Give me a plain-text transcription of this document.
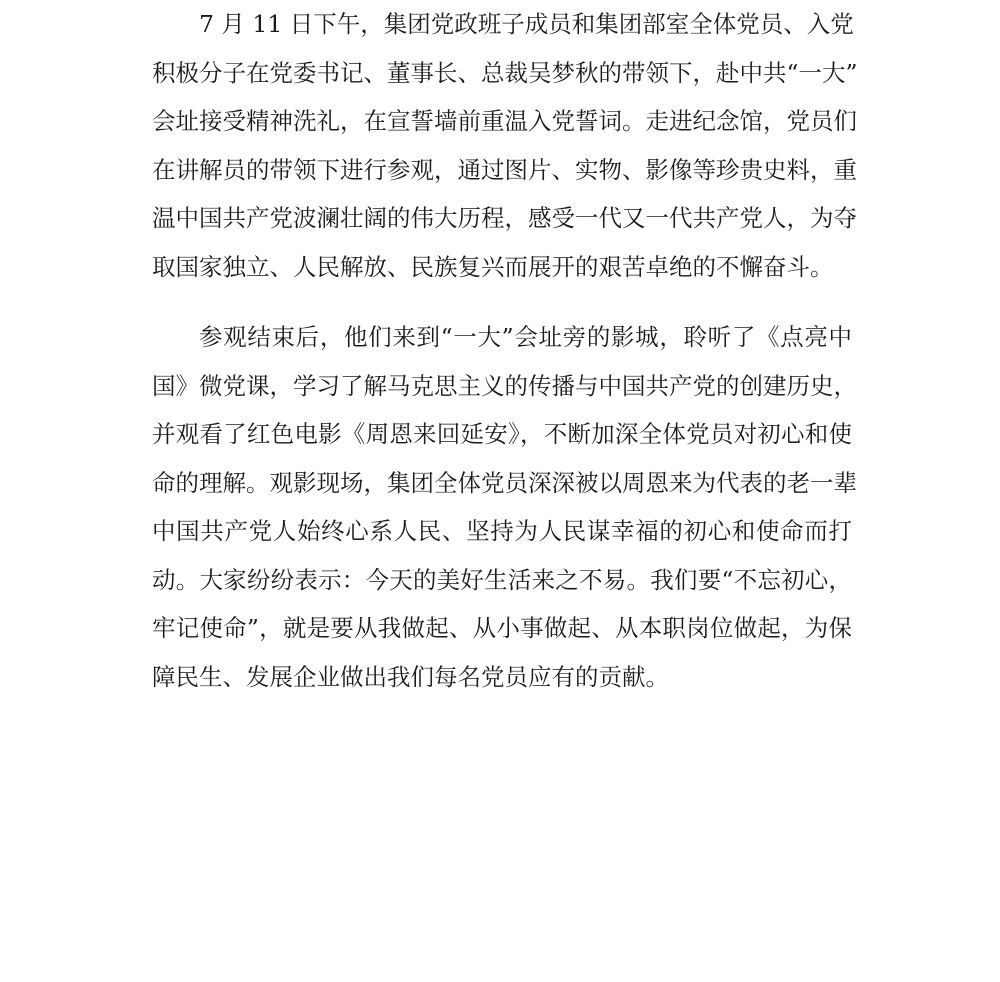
7 月 11 日下午，集团党政班子成员和集团部室全体党员、入党
积极分子在党委书记、董事长、总裁吴梦秋的带领下，赴中共“一大”
会址接受精神洗礼，在宣誓墙前重温入党誓词。走进纪念馆，党员们
在讲解员的带领下进行参观，通过图片、实物、影像等珍贵史料，重
温中国共产党波澜壮阔的伟大历程，感受一代又一代共产党人，为夺
取国家独立、人民解放、民族复兴而展开的艰苦卓绝的不懈奋斗。
参观结束后，他们来到“一大”会址旁的影城，聆听了《点亮中
国》微党课，学习了解马克思主义的传播与中国共产党的创建历史，
并观看了红色电影《周恩来回延安》，不断加深全体党员对初心和使
命的理解。观影现场，集团全体党员深深被以周恩来为代表的老一辈
中国共产党人始终心系人民、坚持为人民谋幸福的初心和使命而打
动。大家纷纷表示：今天的美好生活来之不易。我们要“不忘初心，
牢记使命”，就是要从我做起、从小事做起、从本职岗位做起，为保
障民生、发展企业做出我们每名党员应有的贡献。
